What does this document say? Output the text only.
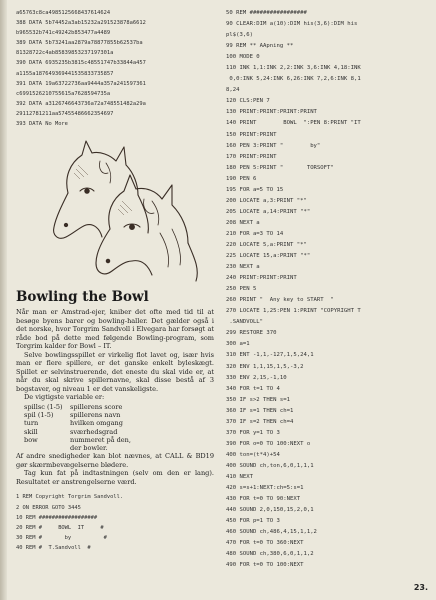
a65763c8ca4985125668437614624
388 DATA 5b74452a3ab15232a291523878a6612
b965532b741c49242b853477a4489
389 DATA 5b73241aa2879a78877855b62537ba
81328722c4ab85839853237197301a
390 DATA 6935235b3815c48551747b33844a457
a1155a187649369441535833735857
391 DATA 19a63722736aa9444a357a241597361
c6991526210755615a7628594735a
392 DATA a3126746643736a72a748551482a29a
29112781211aa57455486662354697
393 DATA No More
Bowling the Bowl

Når man er Amstrad-ejer, kniber det ofte med tid til at besøge byens barer og bowling-haller. Det gælder også i det norske, hvor Torgrim Sandvoll i Elvegara har forsøgt at råde bod på dette med følgende Bowling-program, som Torgrim kalder for Bowl – IT.

Selve bowlingsspillet er virkelig flot lavet og, især hvis man er flere spillere, er det ganske enkelt byleskægt. Spillet er selvinstruerende, det eneste du skal vide er, at når du skal skrive spillernavne, skal disse bestå af 3 bogstaver, og niveau 1 er det vanskeligste.

De vigtigste variable er:

spillsc (1-5)	spillerens score
spil (1-5)	spillerens navn
turn	hvilken omgang
skill	sværhedsgrad
bow	nummeret på den,
der bowler.

Af andre snedigheder kan blot nævnes, at CALL & BD19 gør skærmbevægelserne blødere.

Tag kun fat på indtastningen (selv om den er lang). Resultatet er anstrengelserne værd.

1 REM Copyright Torgrim Sandvoll.
2 ON ERROR GOTO 3445
10 REM ##################
20 REM #     BOWL  IT     #
30 REM #       by          #
40 REM #  T.Sandvoll  #
50 REM #################
90 CLEAR:DIM a(10):DIM his(3,6):DIM his
pl$(3,6)
99 REM ** AApning **
100 MODE 0
110 INK 1,1:INK 2,2:INK 3,6:INK 4,18:INK
0,0:INK 5,24:INK 6,26:INK 7,2,6:INK 8,1
8,24
120 CLS:PEN 7
130 PRINT:PRINT:PRINT:PRINT
140 PRINT        BOWL  ":PEN 8:PRINT "IT
150 PRINT:PRINT
160 PEN 3:PRINT "        by"
170 PRINT:PRINT
180 PEN 5:PRINT "       TORSOFT"
190 PEN 6
195 FOR a=5 TO 15
200 LOCATE a,3:PRINT "*"
205 LOCATE a,14:PRINT "*"
208 NEXT a
210 FOR a=3 TO 14
220 LOCATE 5,a:PRINT "*"
225 LOCATE 15,a:PRINT "*"
230 NEXT a
240 PRINT:PRINT:PRINT
250 PEN 5
260 PRINT "  Any key to START  "
270 LOCATE 1,25:PEN 1:PRINT "COPYRIGHT T
.SANDVOLL"
299 RESTORE 370
300 a=1
310 ENT -1,1,-127,1,5,24,1
320 ENV 1,1,15,1,5,-3,2
330 ENV 2,15,-1,10
340 FOR t=1 TO 4
350 IF s>2 THEN s=1
360 IF s=1 THEN ch=1
370 IF s=2 THEN ch=4
370 FOR y=1 TO 3
390 FOR o=0 TO 100:NEXT o
400 ton=(t*4)+54
400 SOUND ch,ton,6,0,1,1,1
410 NEXT
420 s=s+1:NEXT:ch=5:s=1
430 FOR t=0 TO 90:NEXT
440 SOUND 2,0,150,15,2,0,1
450 FOR p=1 TO 3
460 SOUND ch,486,4,15,1,1,2
470 FOR t=0 TO 360:NEXT
480 SOUND ch,380,6,0,1,1,2
490 FOR t=0 TO 100:NEXT
23.
